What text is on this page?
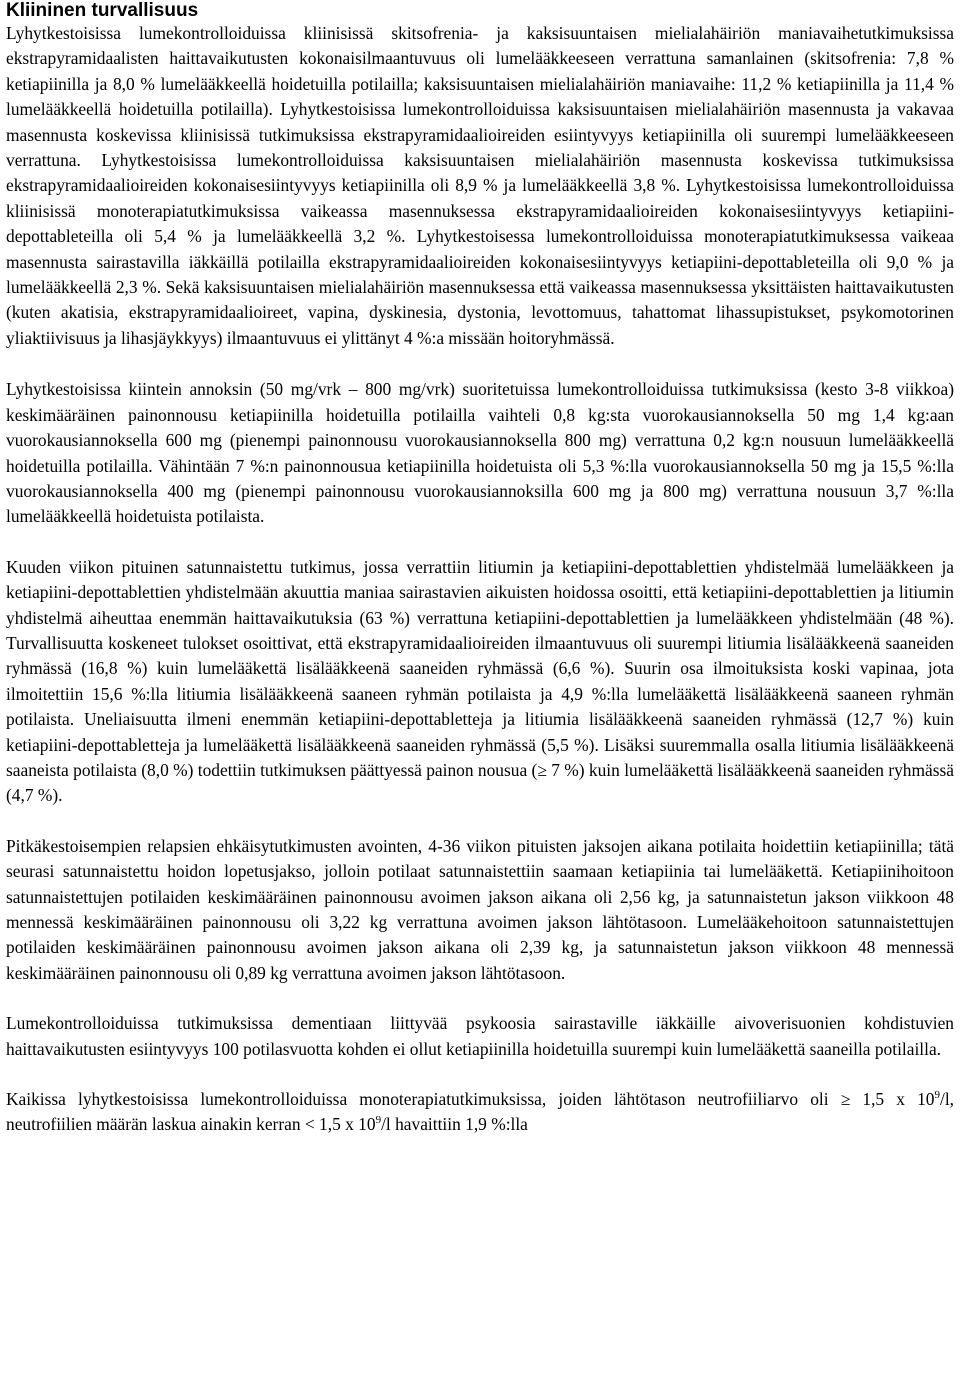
Kliininen turvallisuus

Lyhytkestoisissa lumekontrolloiduissa kliinisissä skitsofrenia- ja kaksisuuntaisen mielialahäiriön maniavaihetutkimuksissa ekstrapyramidaalisten haittavaikutusten kokonaisilmaantuvuus oli lumelääkkeeseen verrattuna samanlainen (skitsofrenia: 7,8 % ketiapiinilla ja 8,0 % lumelääkkeellä hoidetuilla potilailla; kaksisuuntaisen mielialahäiriön maniavaihe: 11,2 % ketiapiinilla ja 11,4 % lumelääkkeellä hoidetuilla potilailla). Lyhytkestoisissa lumekontrolloiduissa kaksisuuntaisen mielialahäiriön masennusta ja vakavaa masennusta koskevissa kliinisissä tutkimuksissa ekstrapyramidaalioireiden esiintyvyys ketiapiinilla oli suurempi lumelääkkeeseen verrattuna. Lyhytkestoisissa lumekontrolloiduissa kaksisuuntaisen mielialahäiriön masennusta koskevissa tutkimuksissa ekstrapyramidaalioireiden kokonaisesiintyvyys ketiapiinilla oli 8,9 % ja lumelääkkeellä 3,8 %. Lyhytkestoisissa lumekontrolloiduissa kliinisissä monoterapiatutkimuksissa vaikeassa masennuksessa ekstrapyramidaalioireiden kokonaisesiintyvyys ketiapiini-depottableteilla oli 5,4 % ja lumelääkkeellä 3,2 %. Lyhytkestoisessa lumekontrolloiduissa monoterapiatutkimuksessa vaikeaa masennusta sairastavilla iäkkäillä potilailla ekstrapyramidaalioireiden kokonaisesiintyvyys ketiapiini-depottableteilla oli 9,0 % ja lumelääkkeellä 2,3 %. Sekä kaksisuuntaisen mielialahäiriön masennuksessa että vaikeassa masennuksessa yksittäisten haittavaikutusten (kuten akatisia, ekstrapyramidaalioireet, vapina, dyskinesia, dystonia, levottomuus, tahattomat lihassupistukset, psykomotorinen yliaktiivisuus ja lihasjäykkyys) ilmaantuvuus ei ylittänyt 4 %:a missään hoitoryhmässä.

Lyhytkestoisissa kiintein annoksin (50 mg/vrk – 800 mg/vrk) suoritetuissa lumekontrolloiduissa tutkimuksissa (kesto 3-8 viikkoa) keskimääräinen painonnousu ketiapiinilla hoidetuilla potilailla vaihteli 0,8 kg:sta vuorokausiannoksella 50 mg 1,4 kg:aan vuorokausiannoksella 600 mg (pienempi painonnousu vuorokausiannoksella 800 mg) verrattuna 0,2 kg:n nousuun lumelääkkeellä hoidetuilla potilailla. Vähintään 7 %:n painonnousua ketiapiinilla hoidetuista oli 5,3 %:lla vuorokausiannoksella 50 mg ja 15,5 %:lla vuorokausiannoksella 400 mg (pienempi painonnousu vuorokausiannoksilla 600 mg ja 800 mg) verrattuna nousuun 3,7 %:lla lumelääkkeellä hoidetuista potilaista.

Kuuden viikon pituinen satunnaistettu tutkimus, jossa verrattiin litiumin ja ketiapiini-depottablettien yhdistelmää lumelääkkeen ja ketiapiini-depottablettien yhdistelmään akuuttia maniaa sairastavien aikuisten hoidossa osoitti, että ketiapiini-depottablettien ja litiumin yhdistelmä aiheuttaa enemmän haittavaikutuksia (63 %) verrattuna ketiapiini-depottablettien ja lumelääkkeen yhdistelmään (48 %). Turvallisuutta koskeneet tulokset osoittivat, että ekstrapyramidaalioireiden ilmaantuvuus oli suurempi litiumia lisälääkkeenä saaneiden ryhmässä (16,8 %) kuin lumelääkettä lisälääkkeenä saaneiden ryhmässä (6,6 %). Suurin osa ilmoituksista koski vapinaa, jota ilmoitettiin 15,6 %:lla litiumia lisälääkkeenä saaneen ryhmän potilaista ja 4,9 %:lla lumelääkettä lisälääkkeenä saaneen ryhmän potilaista. Uneliaisuutta ilmeni enemmän ketiapiini-depottabletteja ja litiumia lisälääkkeenä saaneiden ryhmässä (12,7 %) kuin ketiapiini-depottabletteja ja lumelääkettä lisälääkkeenä saaneiden ryhmässä (5,5 %). Lisäksi suuremmalla osalla litiumia lisälääkkeenä saaneista potilaista (8,0 %) todettiin tutkimuksen päättyessä painon nousua (≥ 7 %) kuin lumelääkettä lisälääkkeenä saaneiden ryhmässä (4,7 %).

Pitkäkestoisempien relapsien ehkäisytutkimusten avointen, 4-36 viikon pituisten jaksojen aikana potilaita hoidettiin ketiapiinilla; tätä seurasi satunnaistettu hoidon lopetusjakso, jolloin potilaat satunnaistettiin saamaan ketiapiinia tai lumelääkettä. Ketiapiinihoitoon satunnaistettujen potilaiden keskimääräinen painonnousu avoimen jakson aikana oli 2,56 kg, ja satunnaistetun jakson viikkoon 48 mennessä keskimääräinen painonnousu oli 3,22 kg verrattuna avoimen jakson lähtötasoon. Lumelääkehoitoon satunnaistettujen potilaiden keskimääräinen painonnousu avoimen jakson aikana oli 2,39 kg, ja satunnaistetun jakson viikkoon 48 mennessä keskimääräinen painonnousu oli 0,89 kg verrattuna avoimen jakson lähtötasoon.

Lumekontrolloiduissa tutkimuksissa dementiaan liittyvää psykoosia sairastaville iäkkäille aivoverisuonien kohdistuvien haittavaikutusten esiintyvyys 100 potilasvuotta kohden ei ollut ketiapiinilla hoidetuilla suurempi kuin lumelääkettä saaneilla potilailla.

Kaikissa lyhytkestoisissa lumekontrolloiduissa monoterapiatutkimuksissa, joiden lähtötason neutrofiiliarvo oli ≥ 1,5 x $10^9/l$, neutrofiilien määrän laskua ainakin kerran < 1,5 x $10^9/l$ havaittiin 1,9 %:lla
